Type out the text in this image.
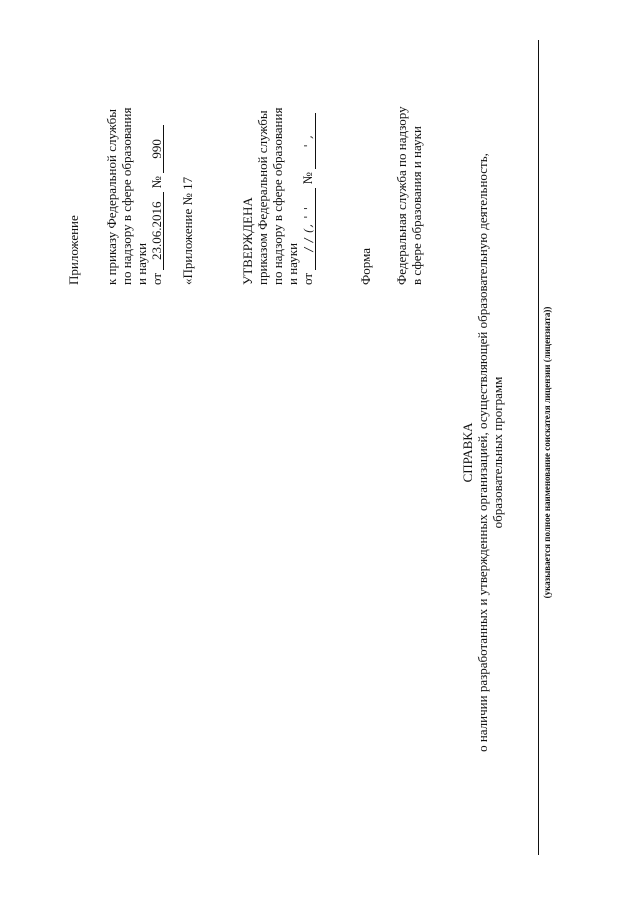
Приложение к приказу Федеральной службы по надзору в сфере образования и науки от 23.06.2016 № 990
«Приложение № 17	УТВЕРЖДЕНА приказом Федеральной службы по надзору в сфере образования и науки от / / (, ' ' № ' ,
Форма Федеральная служба по надзору в сфере образования и науки
СПРАВКА о наличии разработанных и утвержденных организацией, осуществляющей образовательную деятельность, образовательных программ	(указывается полное наименование соискателя лицензии (лицензиата))
